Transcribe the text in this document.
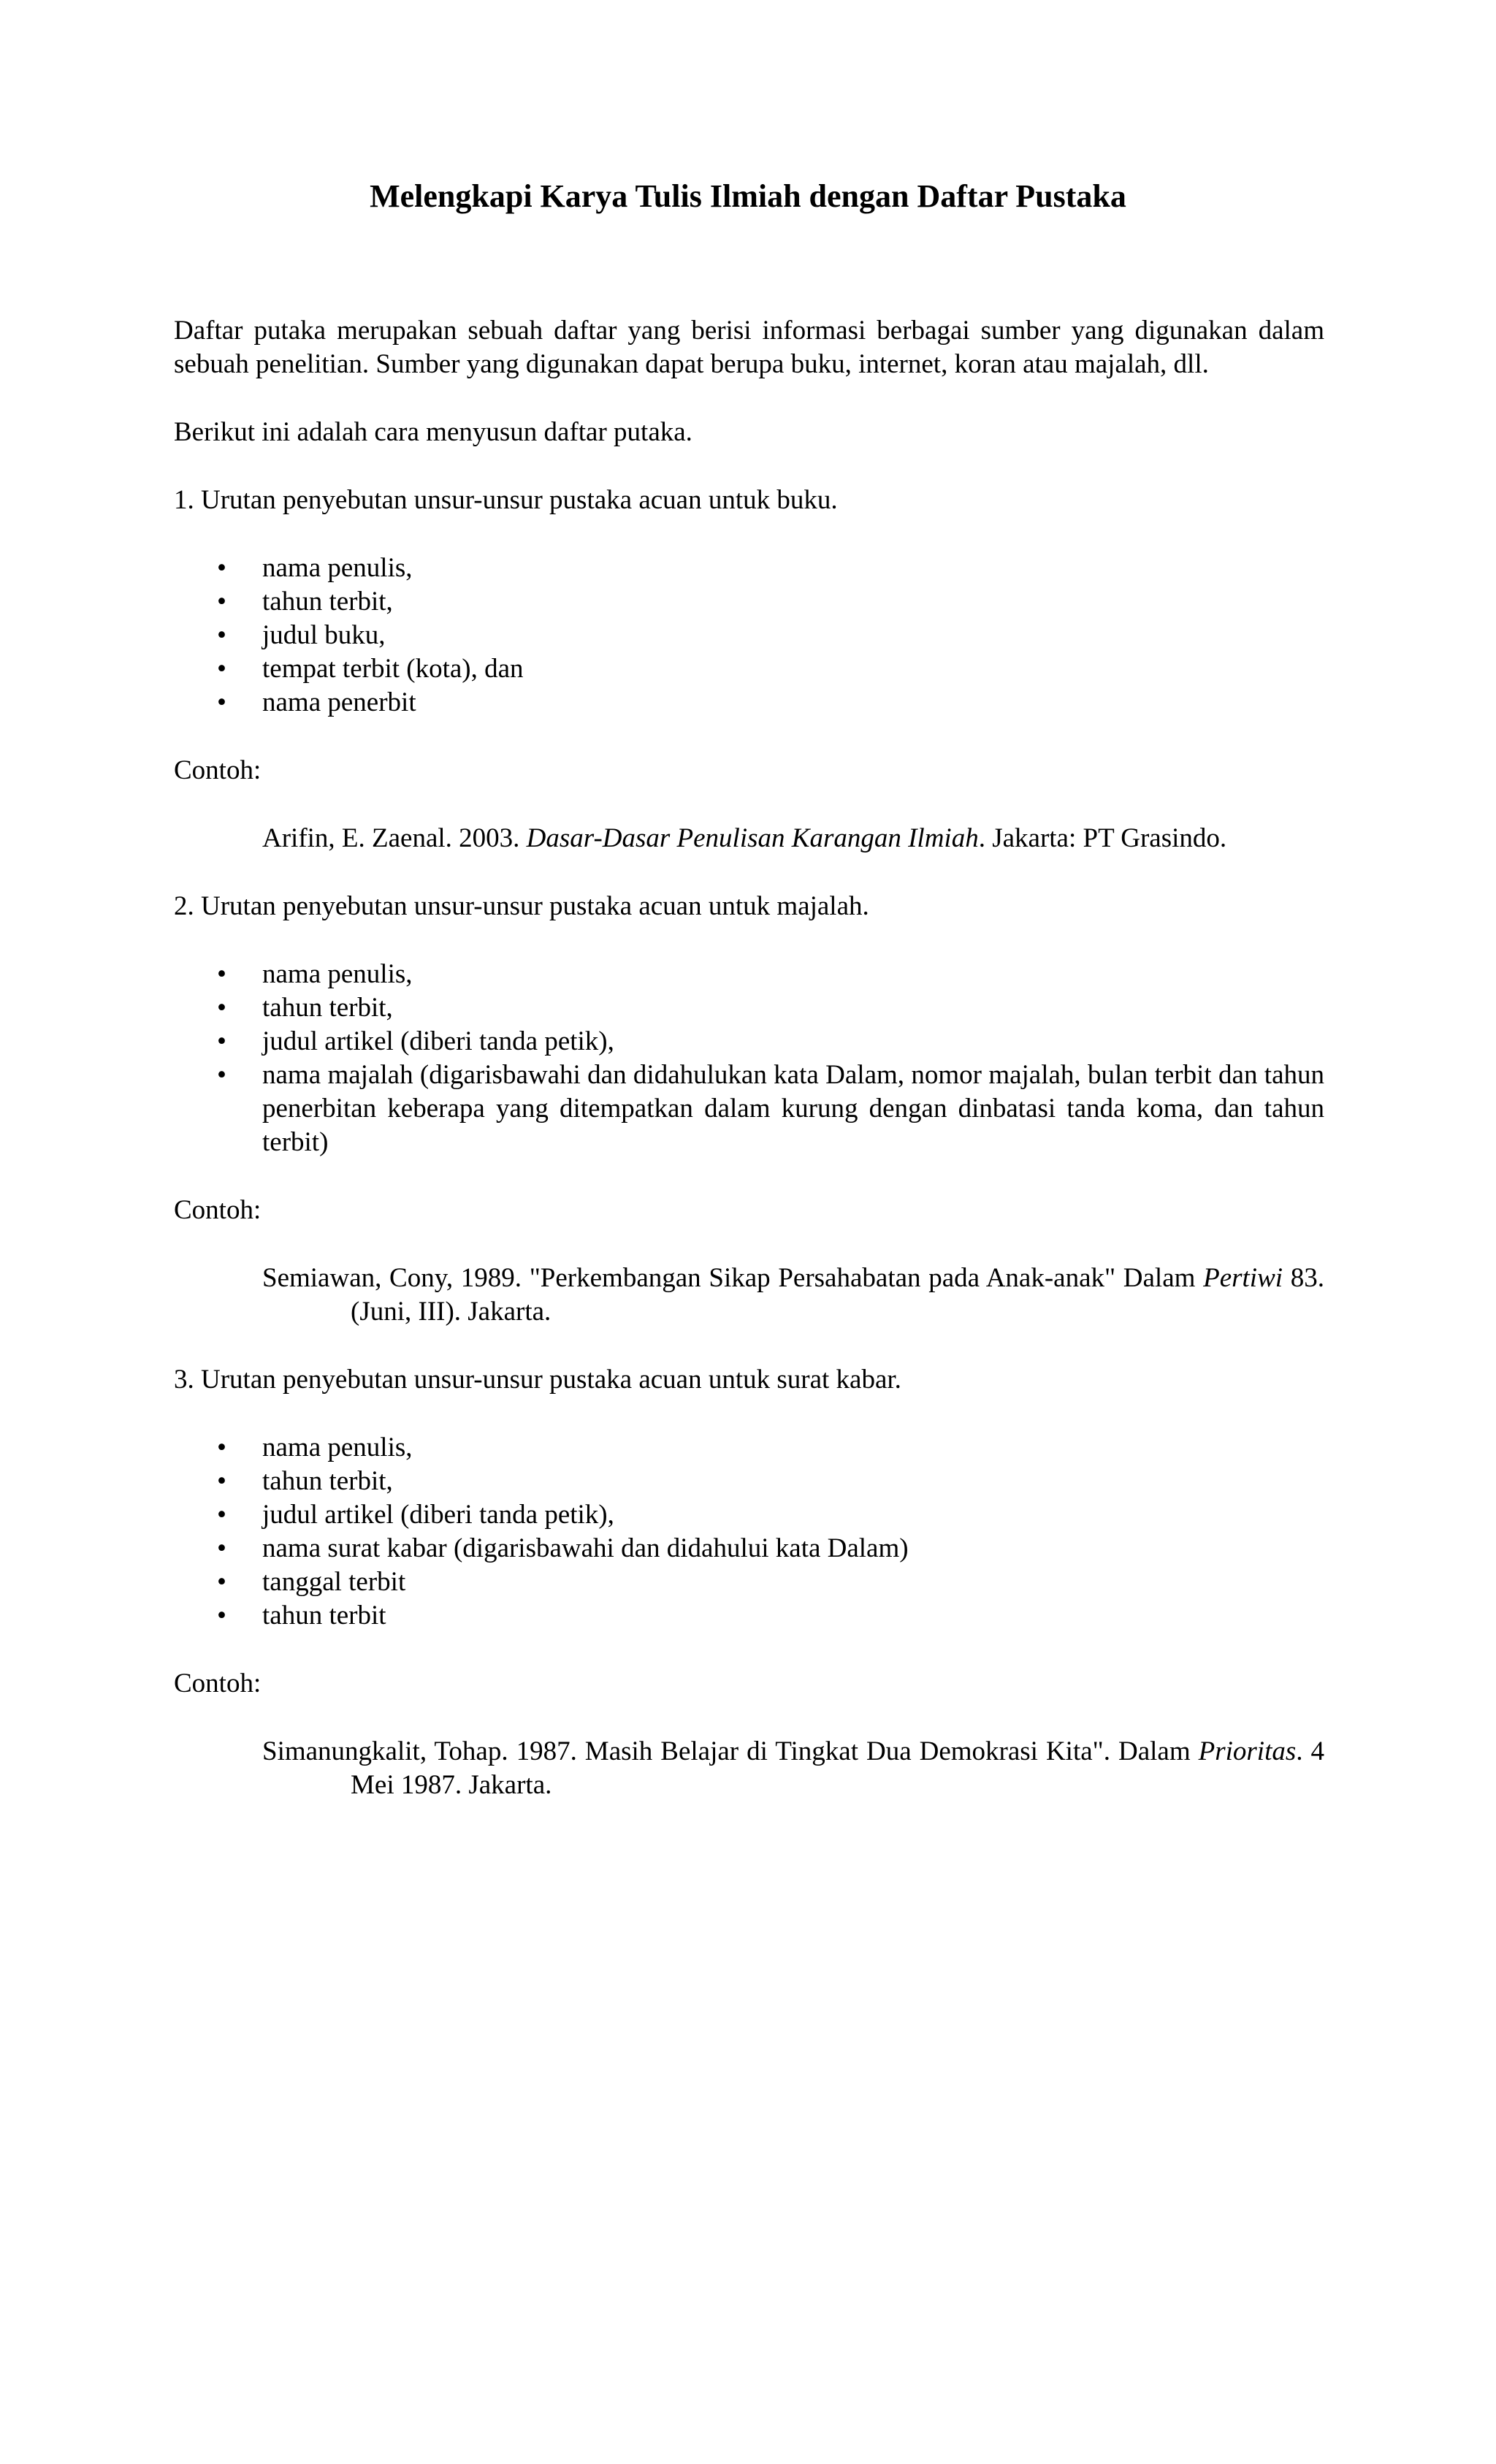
Melengkapi Karya Tulis Ilmiah dengan Daftar Pustaka

Daftar putaka merupakan sebuah daftar yang berisi informasi berbagai sumber yang digunakan dalam sebuah penelitian. Sumber yang digunakan dapat berupa buku, internet, koran atau majalah, dll.

Berikut ini adalah cara menyusun daftar putaka.

1. Urutan penyebutan unsur-unsur pustaka acuan untuk buku.

• nama penulis,
• tahun terbit,
• judul buku,
• tempat terbit (kota), dan
• nama penerbit

Contoh:

Arifin, E. Zaenal. 2003. Dasar-Dasar Penulisan Karangan Ilmiah. Jakarta: PT Grasindo.

2. Urutan penyebutan unsur-unsur pustaka acuan untuk majalah.

• nama penulis,
• tahun terbit,
• judul artikel (diberi tanda petik),
• nama majalah (digarisbawahi dan didahulukan kata Dalam, nomor majalah, bulan terbit dan tahun penerbitan keberapa yang ditempatkan dalam kurung dengan dinbatasi tanda koma, dan tahun terbit)

Contoh:

Semiawan, Cony, 1989. "Perkembangan Sikap Persahabatan pada Anak-anak" Dalam Pertiwi 83. (Juni, III). Jakarta.

3. Urutan penyebutan unsur-unsur pustaka acuan untuk surat kabar.

• nama penulis,
• tahun terbit,
• judul artikel (diberi tanda petik),
• nama surat kabar (digarisbawahi dan didahului kata Dalam)
• tanggal terbit
• tahun terbit

Contoh:

Simanungkalit, Tohap. 1987. Masih Belajar di Tingkat Dua Demokrasi Kita". Dalam Prioritas. 4 Mei 1987. Jakarta.
